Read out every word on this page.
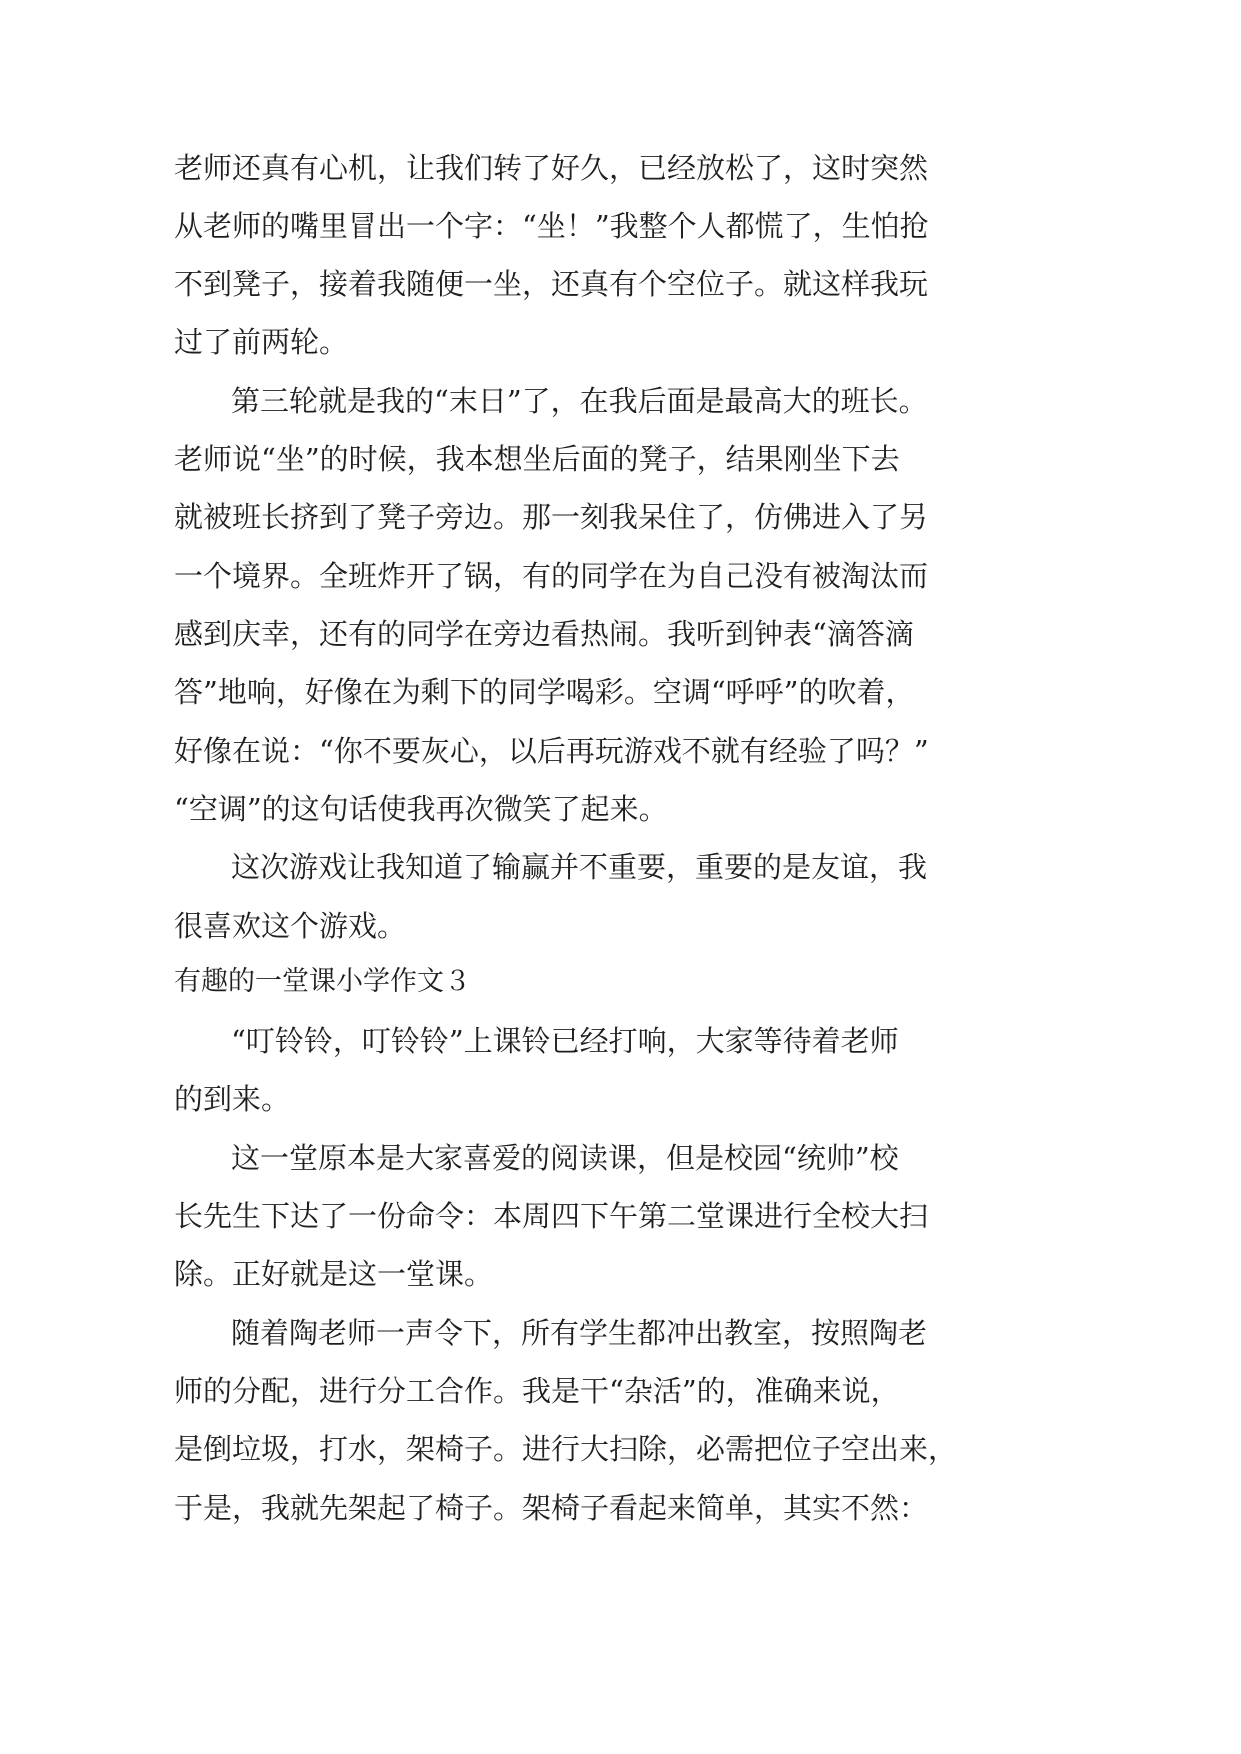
老师还真有心机，让我们转了好久，已经放松了，这时突然
从老师的嘴里冒出一个字：“坐！”我整个人都慌了，生怕抢
不到凳子，接着我随便一坐，还真有个空位子。就这样我玩
过了前两轮。
第三轮就是我的“末日”了，在我后面是最高大的班长。
老师说“坐”的时候，我本想坐后面的凳子，结果刚坐下去
就被班长挤到了凳子旁边。那一刻我呆住了，仿佛进入了另
一个境界。全班炸开了锅，有的同学在为自己没有被淘汰而
感到庆幸，还有的同学在旁边看热闹。我听到钟表“滴答滴
答”地响，好像在为剩下的同学喝彩。空调“呼呼”的吹着，
好像在说：“你不要灰心，以后再玩游戏不就有经验了吗？”
“空调”的这句话使我再次微笑了起来。
这次游戏让我知道了输赢并不重要，重要的是友谊，我
很喜欢这个游戏。
有趣的一堂课小学作文３
“叮铃铃，叮铃铃”上课铃已经打响，大家等待着老师
的到来。
这一堂原本是大家喜爱的阅读课，但是校园“统帅”校
长先生下达了一份命令：本周四下午第二堂课进行全校大扫
除。正好就是这一堂课。
随着陶老师一声令下，所有学生都冲出教室，按照陶老
师的分配，进行分工合作。我是干“杂活”的，准确来说，
是倒垃圾，打水，架椅子。进行大扫除，必需把位子空出来，
于是，我就先架起了椅子。架椅子看起来简单，其实不然：
